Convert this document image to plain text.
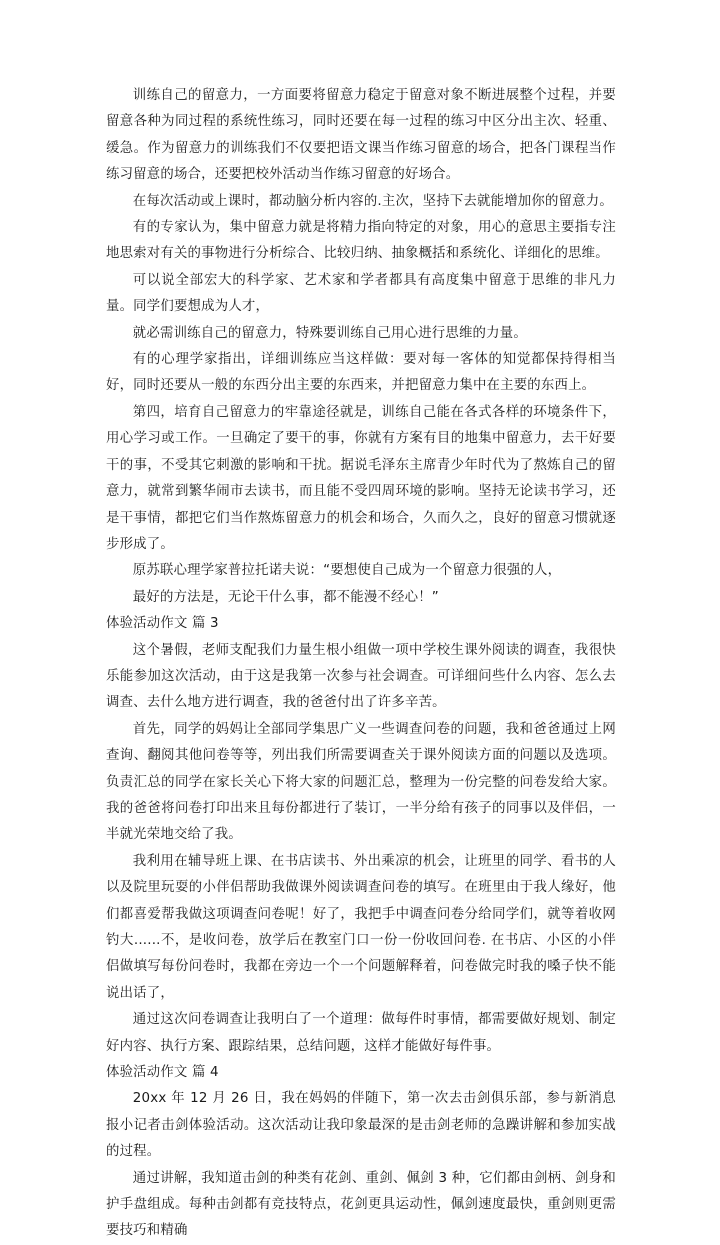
训练自己的留意力，一方面要将留意力稳定于留意对象不断进展整个过程，并要留意各种为同过程的系统性练习，同时还要在每一过程的练习中区分出主次、轻重、缓急。作为留意力的训练我们不仅要把语文课当作练习留意的场合，把各门课程当作练习留意的场合，还要把校外活动当作练习留意的好场合。

在每次活动或上课时，都动脑分析内容的.主次，坚持下去就能增加你的留意力。

有的专家认为，集中留意力就是将精力指向特定的对象，用心的意思主要指专注地思索对有关的事物进行分析综合、比较归纳、抽象概括和系统化、详细化的思维。

可以说全部宏大的科学家、艺术家和学者都具有高度集中留意于思维的非凡力量。同学们要想成为人才，

就必需训练自己的留意力，特殊要训练自己用心进行思维的力量。

有的心理学家指出，详细训练应当这样做：要对每一客体的知觉都保持得相当好，同时还要从一般的东西分出主要的东西来，并把留意力集中在主要的东西上。

第四，培育自己留意力的牢靠途径就是，训练自己能在各式各样的环境条件下，用心学习或工作。一旦确定了要干的事，你就有方案有目的地集中留意力，去干好要干的事，不受其它刺激的影响和干扰。据说毛泽东主席青少年时代为了熬炼自己的留意力，就常到繁华闹市去读书，而且能不受四周环境的影响。坚持无论读书学习，还是干事情，都把它们当作熬炼留意力的机会和场合，久而久之，良好的留意习惯就逐步形成了。

原苏联心理学家普拉托诺夫说：“要想使自己成为一个留意力很强的人，

最好的方法是，无论干什么事，都不能漫不经心！”

体验活动作文 篇 3

这个暑假，老师支配我们力量生根小组做一项中学校生课外阅读的调查，我很快乐能参加这次活动，由于这是我第一次参与社会调查。可详细问些什么内容、怎么去调查、去什么地方进行调查，我的爸爸付出了许多辛苦。

首先，同学的妈妈让全部同学集思广义一些调查问卷的问题，我和爸爸通过上网查询、翻阅其他问卷等等，列出我们所需要调查关于课外阅读方面的问题以及选项。负责汇总的同学在家长关心下将大家的问题汇总，整理为一份完整的问卷发给大家。我的爸爸将问卷打印出来且每份都进行了装订，一半分给有孩子的同事以及伴侣，一半就光荣地交给了我。

我利用在辅导班上课、在书店读书、外出乘凉的机会，让班里的同学、看书的人以及院里玩耍的小伴侣帮助我做课外阅读调查问卷的填写。在班里由于我人缘好，他们都喜爱帮我做这项调查问卷呢！好了，我把手中调查问卷分给同学们，就等着收网钓大......不，是收问卷，放学后在教室门口一份一份收回问卷. 在书店、小区的小伴侣做填写每份问卷时，我都在旁边一个一个问题解释着，问卷做完时我的嗓子快不能说出话了，

通过这次问卷调查让我明白了一个道理：做每件时事情，都需要做好规划、制定好内容、执行方案、跟踪结果，总结问题，这样才能做好每件事。

体验活动作文 篇 4

20xx 年 12 月 26 日，我在妈妈的伴随下，第一次去击剑俱乐部，参与新消息报小记者击剑体验活动。这次活动让我印象最深的是击剑老师的急躁讲解和参加实战的过程。

通过讲解，我知道击剑的种类有花剑、重剑、佩剑 3 种，它们都由剑柄、剑身和护手盘组成。每种击剑都有竞技特点，花剑更具运动性，佩剑速度最快，重剑则更需要技巧和精确
